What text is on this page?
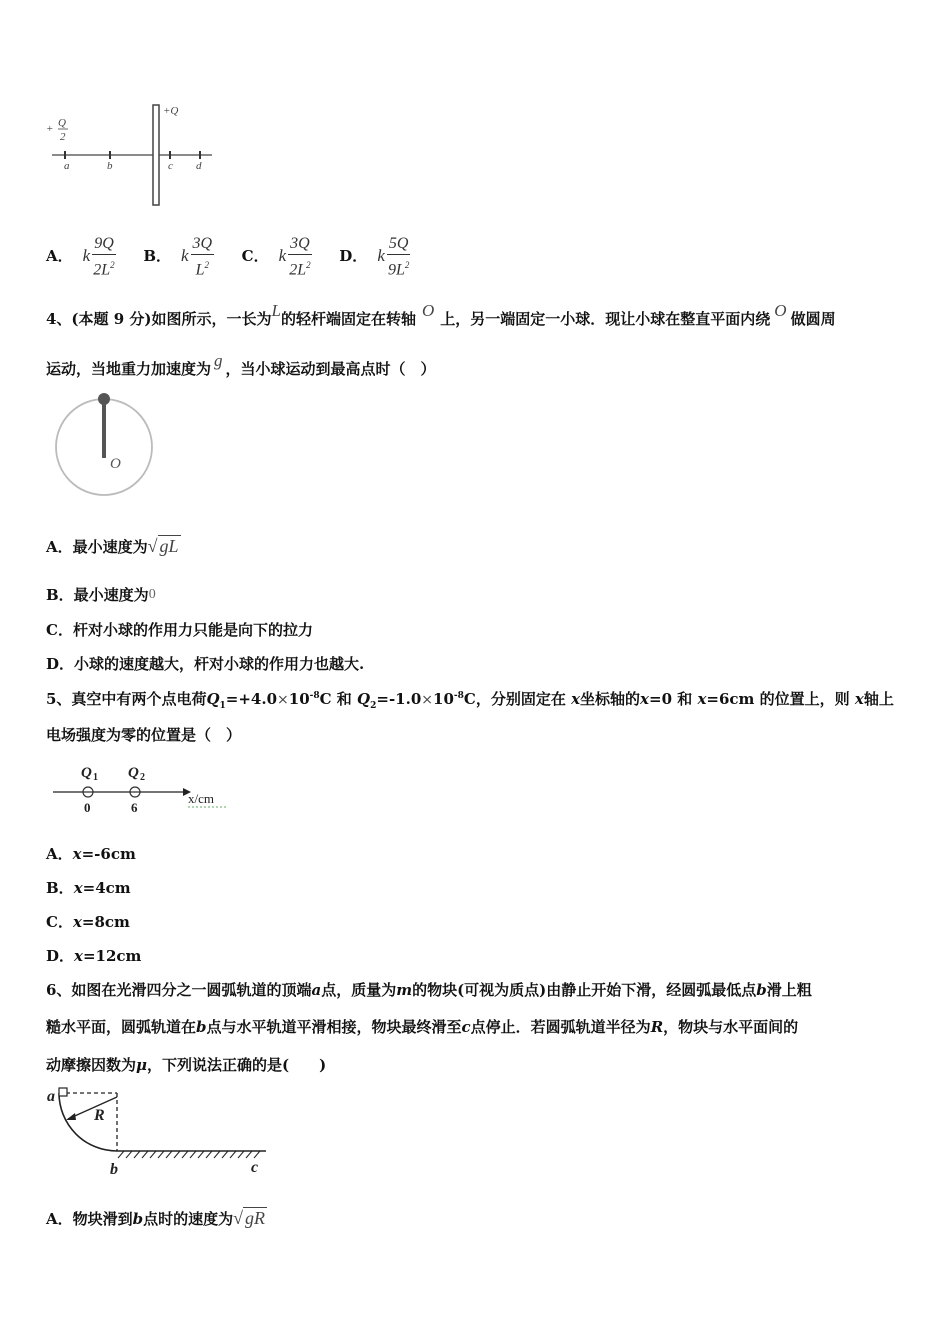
+ Q
2
+Q
a	b	c d
A． k $\frac{9Q}{2L^2}$ B． k $\frac{3Q}{L^2}$ C． k $\frac{3Q}{2L^2}$ D． k $\frac{5Q}{9L^2}$
4、(本题 9 分)如图所示，一长为L的轻杆端固定在转轴 O 上，另一端固定一小球．现让小球在整直平面内绕 O 做圆周
运动，当地重力加速度为 g ，当小球运动到最高点时（　）
O
A．最小速度为√ gL
B．最小速度为0
C．杆对小球的作用力只能是向下的拉力
D．小球的速度越大，杆对小球的作用力也越大.
5、真空中有两个点电荷$Q_1=+4.0\times 10^{-8}C$ 和 $Q_2=-1.0\times 10^{-8}C$，分别固定在 x坐标轴的x=0 和 x=6cm 的位置上，则 x轴上
电场强度为零的位置是（　）
Q 1 Q 2
0	6
x/cm
A．x=-6cm
B．x=4cm
C．x=8cm
D．x=12cm
6、如图在光滑四分之一圆弧轨道的顶端a点，质量为m的物块(可视为质点)由静止开始下滑，经圆弧最低点b滑上粗
糙水平面，圆弧轨道在b点与水平轨道平滑相接，物块最终滑至c点停止．若圆弧轨道半径为R，物块与水平面间的
动摩擦因数为μ，下列说法正确的是(　　)
a
R
b	c
A．物块滑到b点时的速度为√ gR
